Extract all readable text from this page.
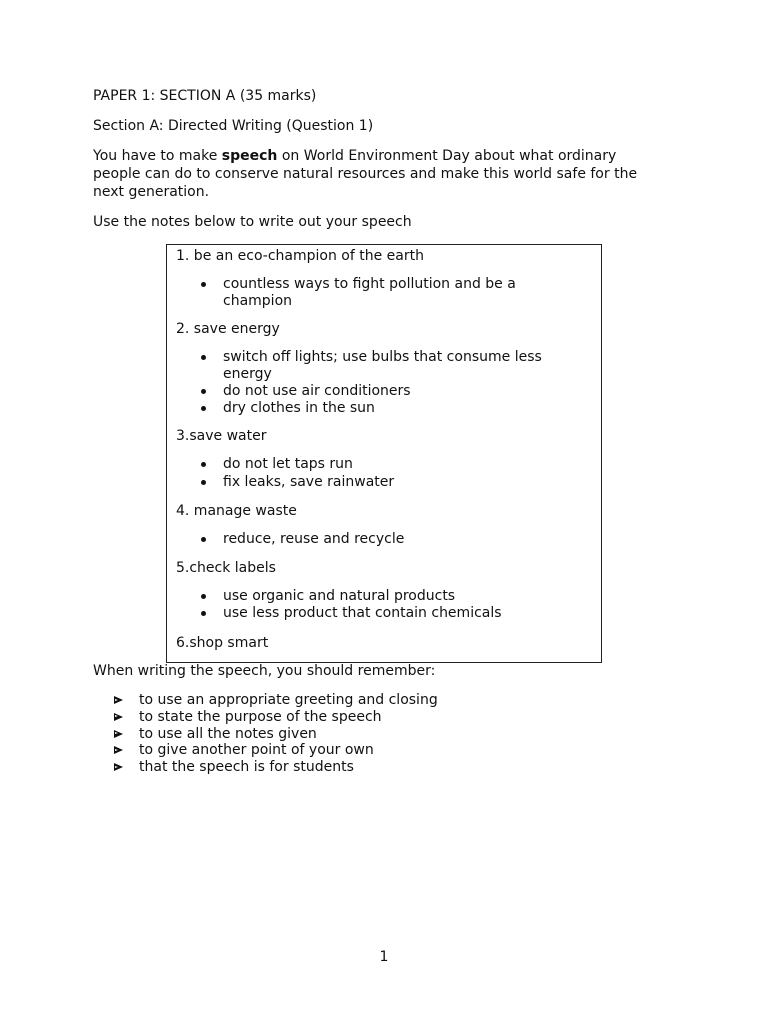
PAPER 1: SECTION A (35 marks)

Section A: Directed Writing (Question 1)

You have to make speech on World Environment Day about what ordinary people can do to conserve natural resources and make this world safe for the next generation.

Use the notes below to write out your speech

1. be an eco-champion of the earth
countless ways to fight pollution and be a champion
2. save energy
switch off lights; use bulbs that consume less energy
do not use air conditioners
dry clothes in the sun
3.save water
do not let taps run
fix leaks, save rainwater
4. manage waste
reduce, reuse and recycle
5.check labels
use organic and natural products
use less product that contain chemicals
6.shop smart

When writing the speech, you should remember:

to use an appropriate greeting and closing
to state the purpose of the speech
to use all the notes given
to give another point of your own
that the speech is for students
1
